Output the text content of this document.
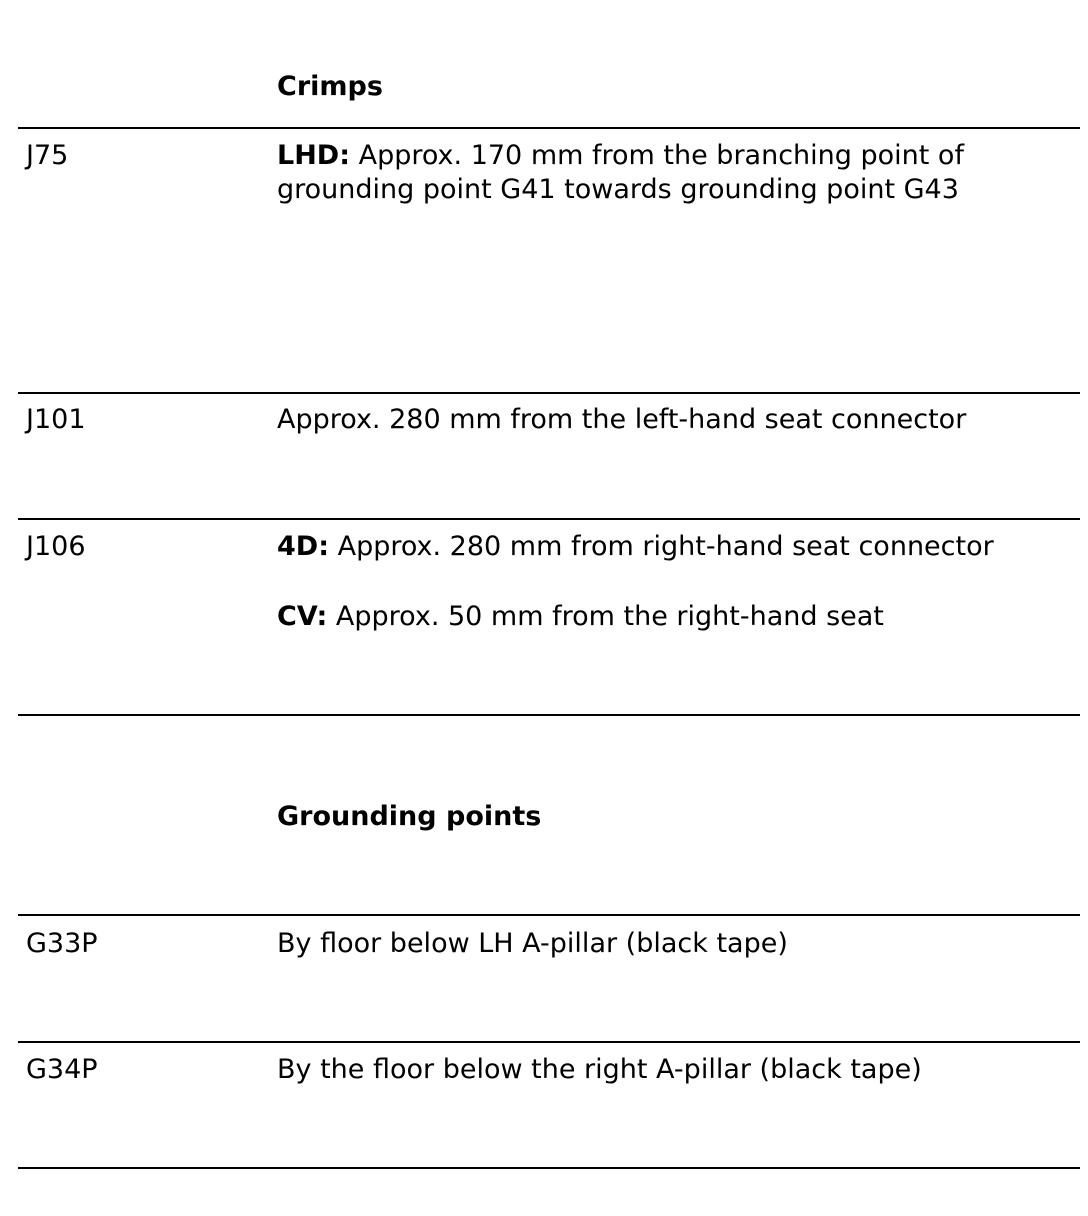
Crimps
J75	LHD: Approx. 170 mm from the branching point of
grounding point G41 towards grounding point G43
J101	Approx. 280 mm from the left-hand seat connector
J106	4D: Approx. 280 mm from right-hand seat connector
CV: Approx. 50 mm from the right-hand seat
Grounding points
G33P	By floor below LH A-pillar (black tape)
G34P	By the floor below the right A-pillar (black tape)
